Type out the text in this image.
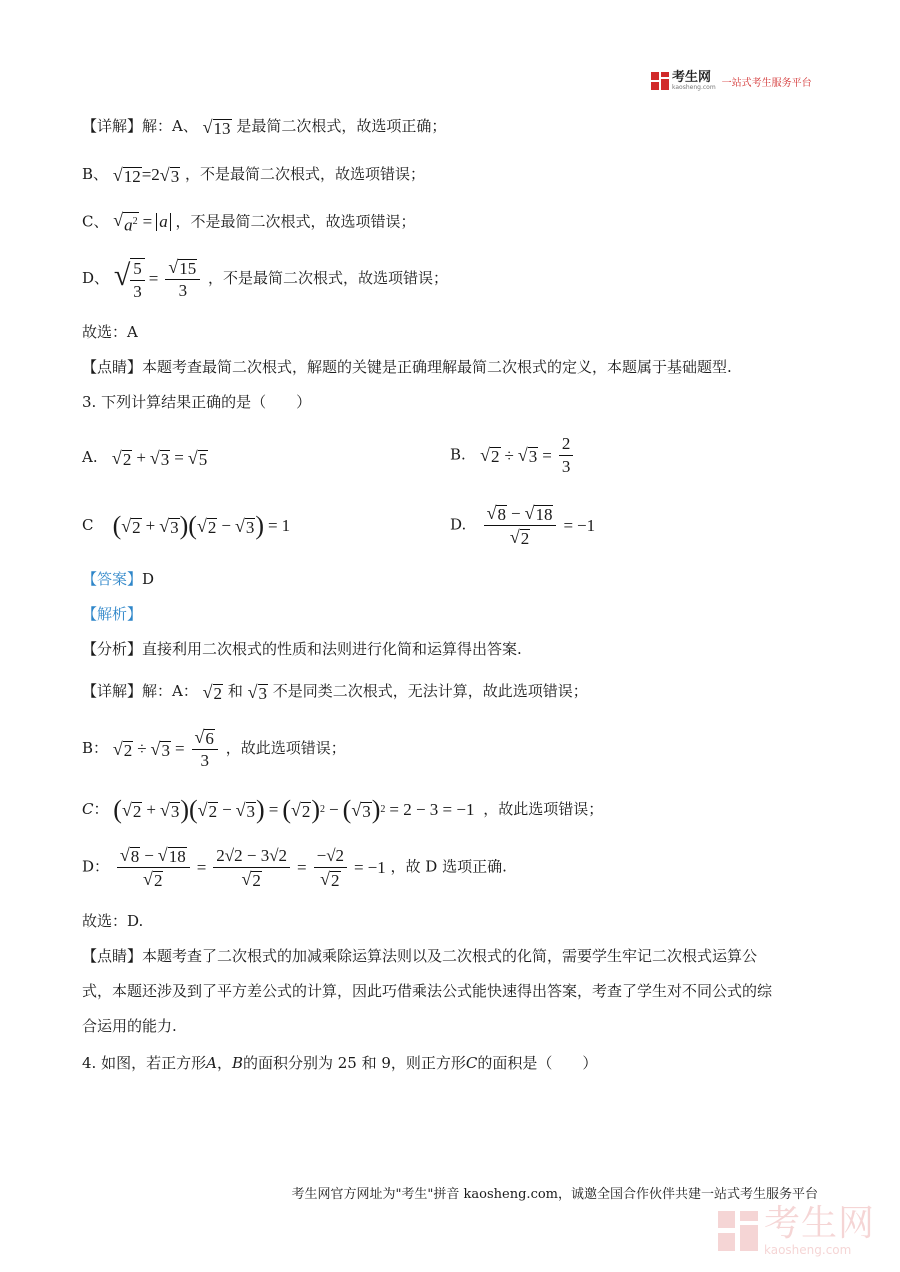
考生网
kaosheng.com 一站式考生服务平台
【详解】解：A、 √ 13 是最简二次根式，故选项正确；
B、 √ 12 =2 √ 3 ，不是最简二次根式，故选项错误；
C、 √ $a^2 = a$ ，不是最简二次根式，故选项错误；
D、 √ $\frac{5}{3} = \frac{√ 15}{3}$ ，不是最简二次根式，故选项错误；
故选：A
【点睛】本题考查最简二次根式，解题的关键是正确理解最简二次根式的定义，本题属于基础题型.
3. 下列计算结果正确的是（　　）
A. √ 2 + √ 3 = √ 5	B. √ 2 ÷ √ $3 = \frac{2}{3}$
C ( √ 2 + √ 3 ) ( √ 2 − √ 3 ) = 1	D. $\frac{√ 8 - √ 18}{√ 2} = -1$
【答案】D
【解析】
【分析】直接利用二次根式的性质和法则进行化简和运算得出答案.
【详解】解：A： √ 2 和 √ 3 不是同类二次根式，无法计算，故此选项错误；
B： √ 2 ÷ √ $3 = \frac{√ 6}{3}$ ，故此选项错误；
C： ( √ 2 + √ 3 ) ( √ 2 − √ 3 ) = ( √ 2 ) 2 − ( √ 3 ) 2 = 2 − 3 = −1 ，故此选项错误；
D： $\frac{√ 8 - √ 18}{√ 2} = \frac{2√2 - 3√2}{√ 2} = \frac{-√2}{√ 2} = -1$ ，故 D 选项正确.
故选：D.
【点睛】本题考查了二次根式的加减乘除运算法则以及二次根式的化简，需要学生牢记二次根式运算公
式，本题还涉及到了平方差公式的计算，因此巧借乘法公式能快速得出答案，考查了学生对不同公式的综
合运用的能力.
4. 如图，若正方形A，B的面积分别为 25 和 9，则正方形C的面积是（　　）
考生网官方网址为"考生"拼音 kaosheng.com，诚邀全国合作伙伴共建一站式考生服务平台
考生网
kaosheng.com
